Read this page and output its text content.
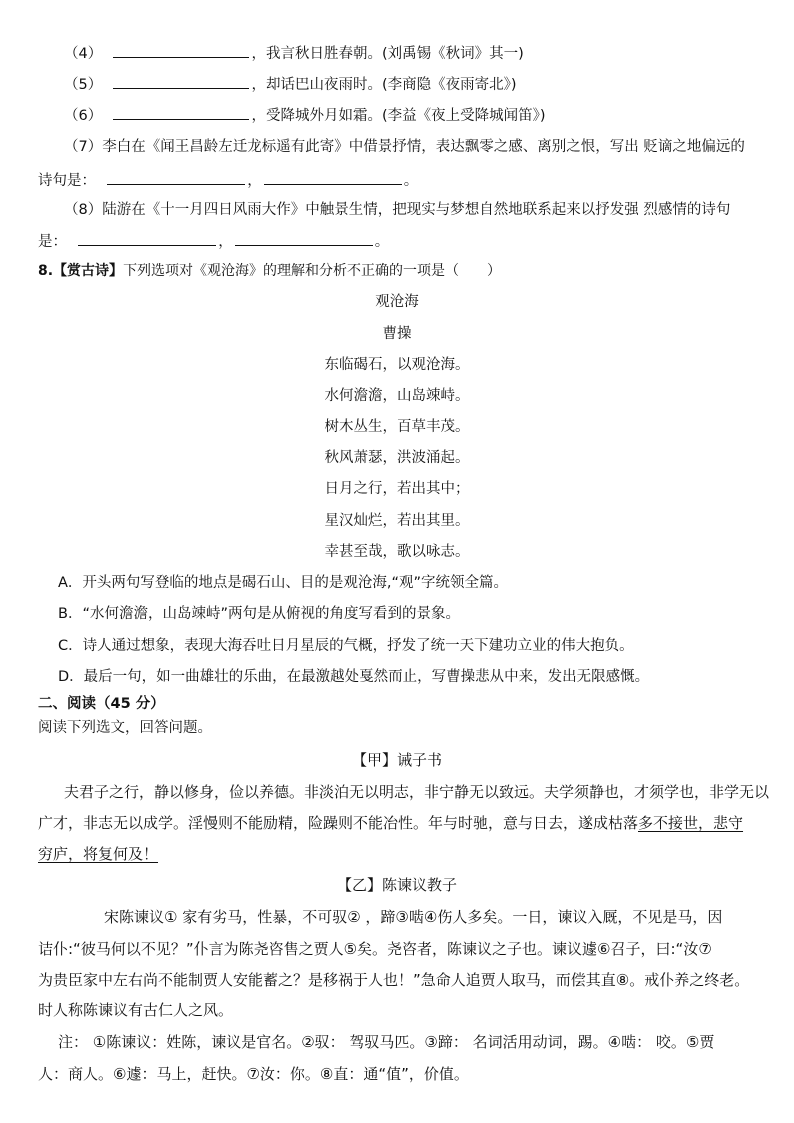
（4）	，我言秋日胜春朝。(刘禹锡《秋词》其一)
（5）	，却话巴山夜雨时。(李商隐《夜雨寄北》)
（6）	，受降城外月如霜。(李益《夜上受降城闻笛》)
（7）李白在《闻王昌龄左迁龙标遥有此寄》中借景抒情，表达飘零之感、离别之恨，写出 贬谪之地偏远的
诗句是：	，	。
（8）陆游在《十一月四日风雨大作》中触景生情，把现实与梦想自然地联系起来以抒发强 烈感情的诗句
是：	，	。
8.【赏古诗】下列选项对《观沧海》的理解和分析不正确的一项是（　　）
观沧海
曹操
东临碣石，以观沧海。
水何澹澹，山岛竦峙。
树木丛生，百草丰茂。
秋风萧瑟，洪波涌起。
日月之行，若出其中；
星汉灿烂，若出其里。
幸甚至哉，歌以咏志。
A．开头两句写登临的地点是碣石山、目的是观沧海,“观”字统领全篇。
B．“水何澹澹，山岛竦峙”两句是从俯视的角度写看到的景象。
C．诗人通过想象，表现大海吞吐日月星辰的气概，抒发了统一天下建功立业的伟大抱负。
D．最后一句，如一曲雄壮的乐曲，在最激越处戛然而止，写曹操悲从中来，发出无限感慨。
二、阅读（45 分）
阅读下列选文，回答问题。
【甲】诫子书
夫君子之行，静以修身，俭以养德。非淡泊无以明志，非宁静无以致远。夫学须静也，才须学也，非学无以
广才，非志无以成学。淫慢则不能励精，险躁则不能冶性。年与时驰，意与日去，遂成枯落多不接世，悲守
穷庐，将复何及！
【乙】陈谏议教子
宋陈谏议① 家有劣马，性暴，不可驭② ，蹄③啮④伤人多矣。一日，谏议入厩，不见是马，因
诘仆:“彼马何以不见？”仆言为陈尧咨售之贾人⑤矣。尧咨者，陈谏议之子也。谏议遽⑥召子，曰:“汝⑦
为贵臣家中左右尚不能制贾人安能蓄之？是移祸于人也！”急命人追贾人取马，而偿其直⑧。戒仆养之终老。
时人称陈谏议有古仁人之风。
注： ①陈谏议：姓陈，谏议是官名。②驭： 驾驭马匹。③蹄： 名词活用动词，踢。④啮： 咬。⑤贾
人：商人。⑥遽：马上，赶快。⑦汝：你。⑧直：通“值”，价值。
